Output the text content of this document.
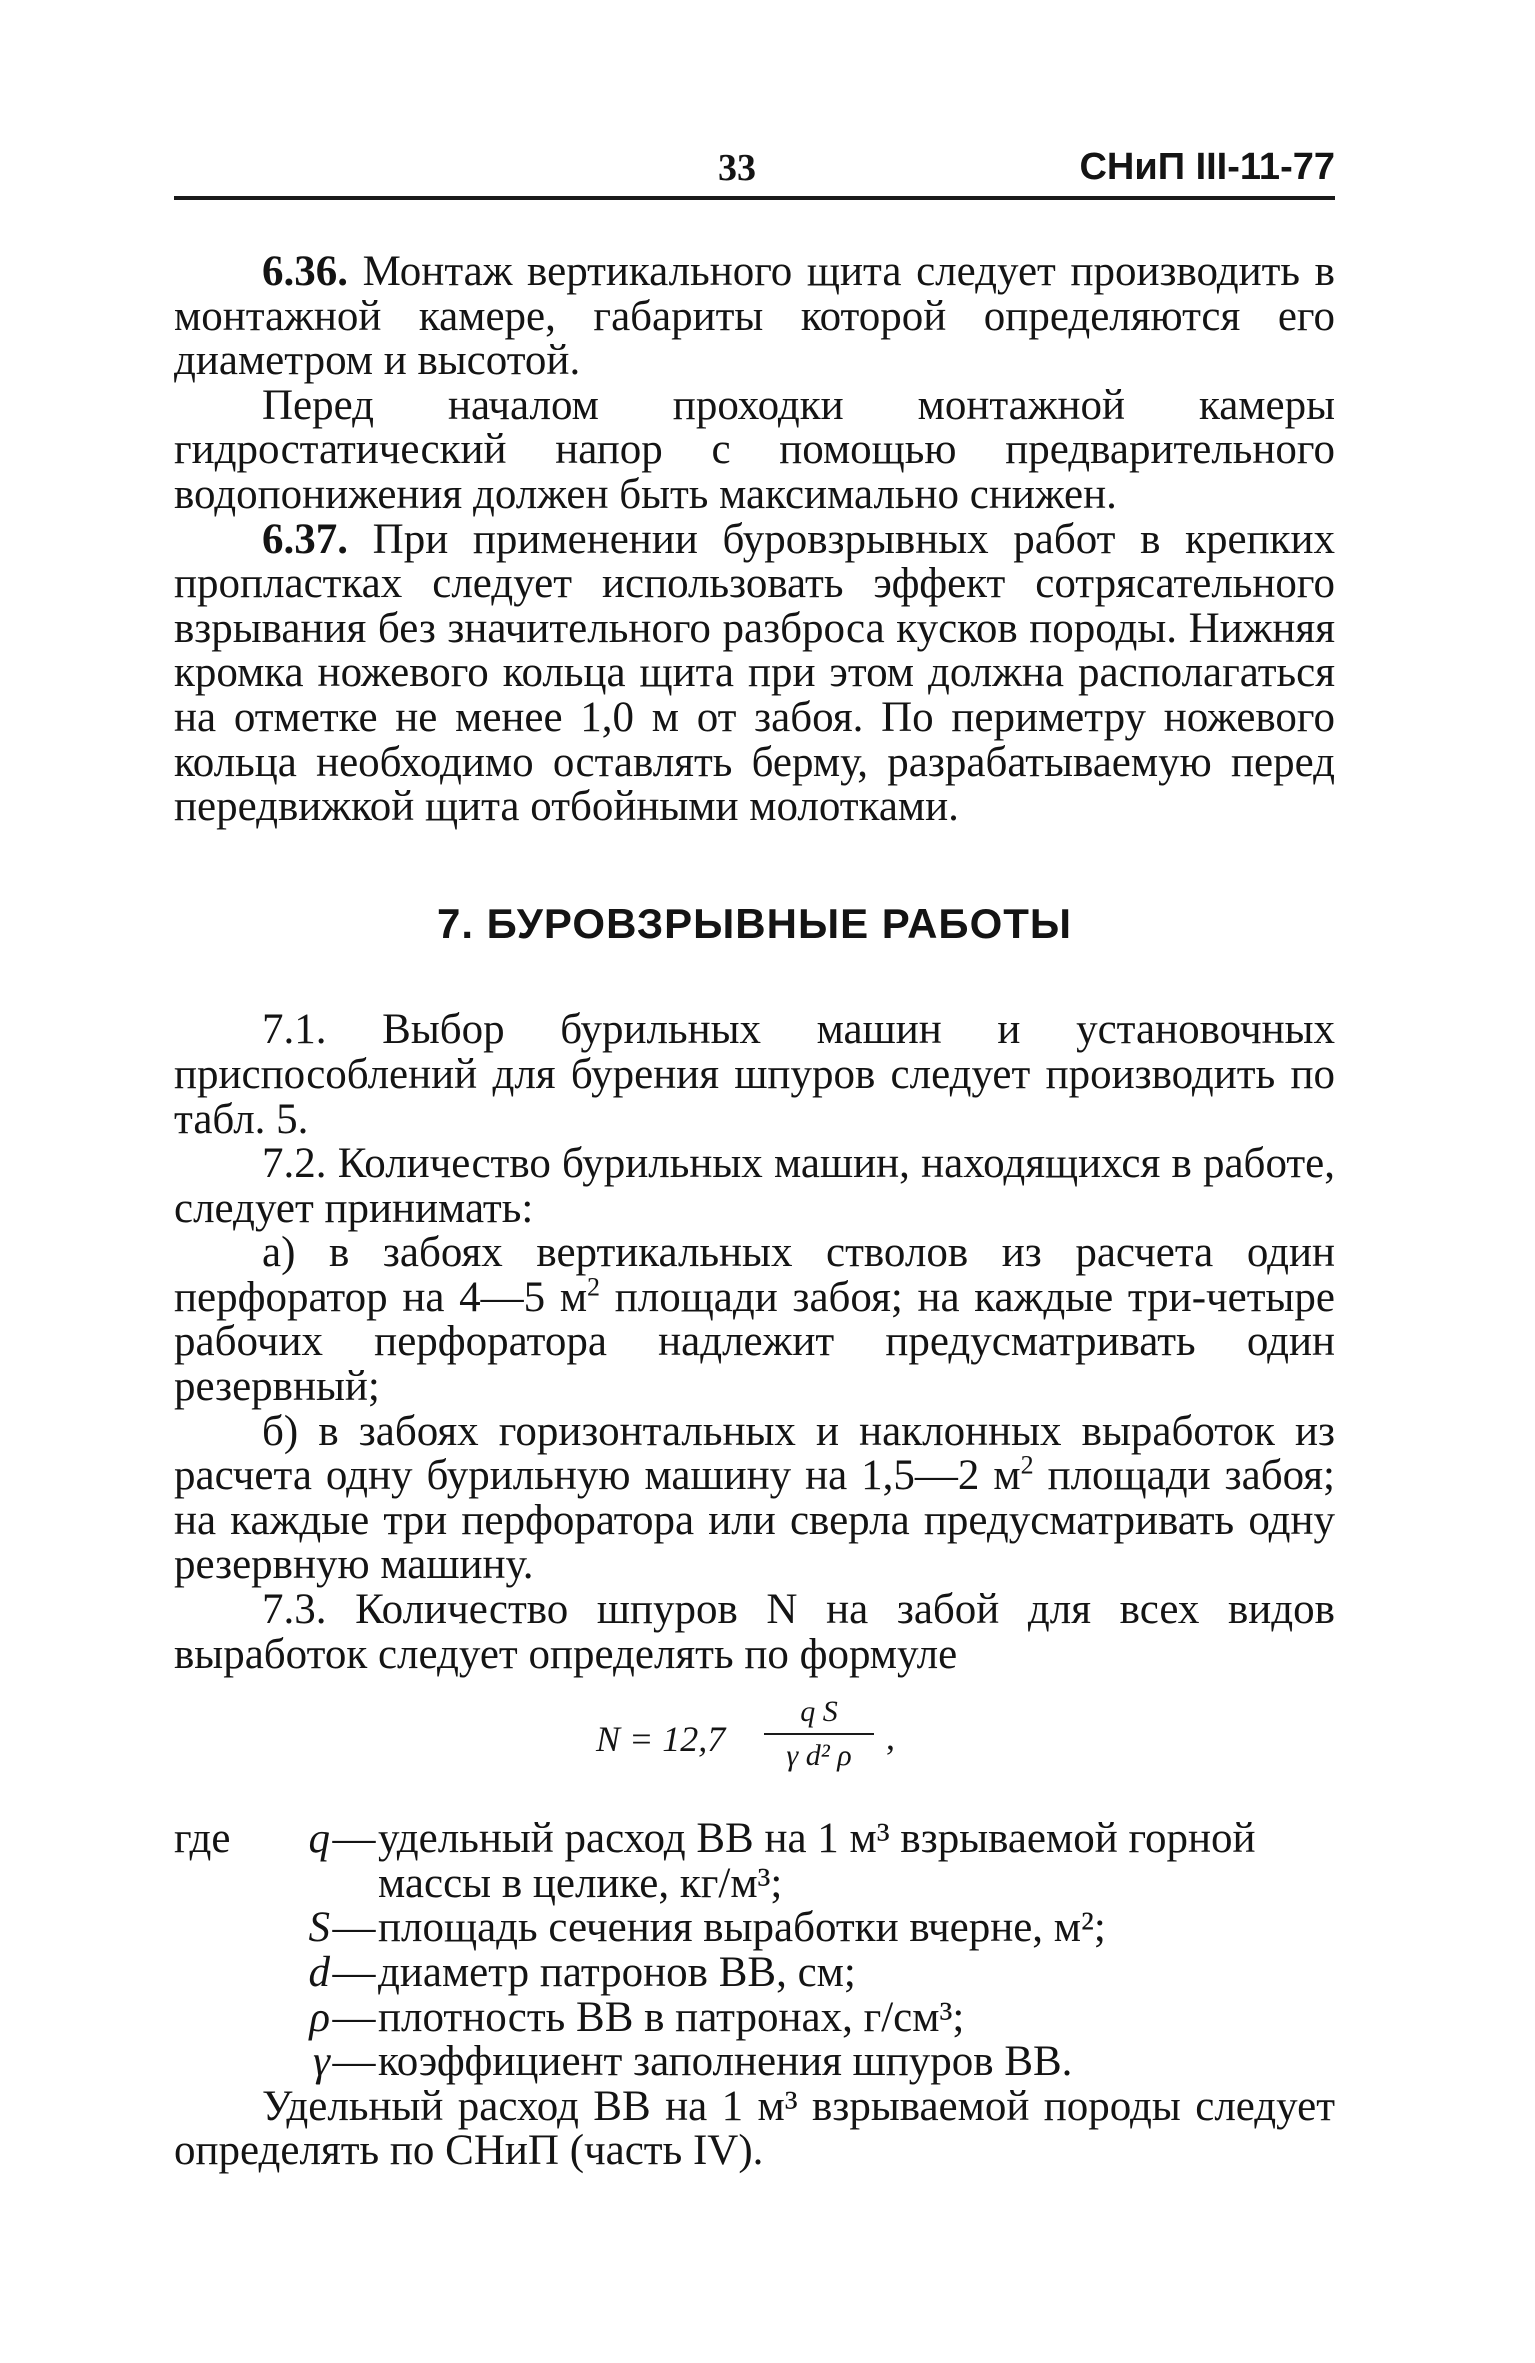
33	СНиП III-11-77

6.36. Монтаж вертикального щита следует производить в монтажной камере, габариты которой определяются его диаметром и высотой.

Перед началом проходки монтажной камеры гидростатический напор с помощью предварительного водопонижения должен быть максимально снижен.

6.37. При применении буровзрывных работ в крепких пропластках следует использовать эффект сотрясательного взрывания без значительного разброса кусков породы. Нижняя кромка ножевого кольца щита при этом должна располагаться на отметке не менее 1,0 м от забоя. По периметру ножевого кольца необходимо оставлять берму, разрабатываемую перед передвижкой щита отбойными молотками.

7. БУРОВЗРЫВНЫЕ РАБОТЫ

7.1. Выбор бурильных машин и установочных приспособлений для бурения шпуров следует производить по табл. 5.

7.2. Количество бурильных машин, находящихся в работе, следует принимать:

а) в забоях вертикальных стволов из расчета один перфоратор на 4—5 $м^2$ площади забоя; на каждые три-четыре рабочих перфоратора надлежит предусматривать один резервный;

б) в забоях горизонтальных и наклонных выработок из расчета одну бурильную машину на 1,5—2 $м^2$ площади забоя; на каждые три перфоратора или сверла предусматривать одну резервную машину.

7.3. Количество шпуров N на забой для всех видов выработок следует определять по формуле

N = 12,7
q S
γ d² ρ ,
где	q — удельный расход ВВ на 1 м³ взрываемой горной массы в целике, кг/м³;
S — площадь сечения выработки вчерне, м²;
d — диаметр патронов ВВ, см;
ρ — плотность ВВ в патронах, г/см³;
γ — коэффициент заполнения шпуров ВВ.

Удельный расход ВВ на 1 м³ взрываемой породы следует определять по СНиП (часть IV).
